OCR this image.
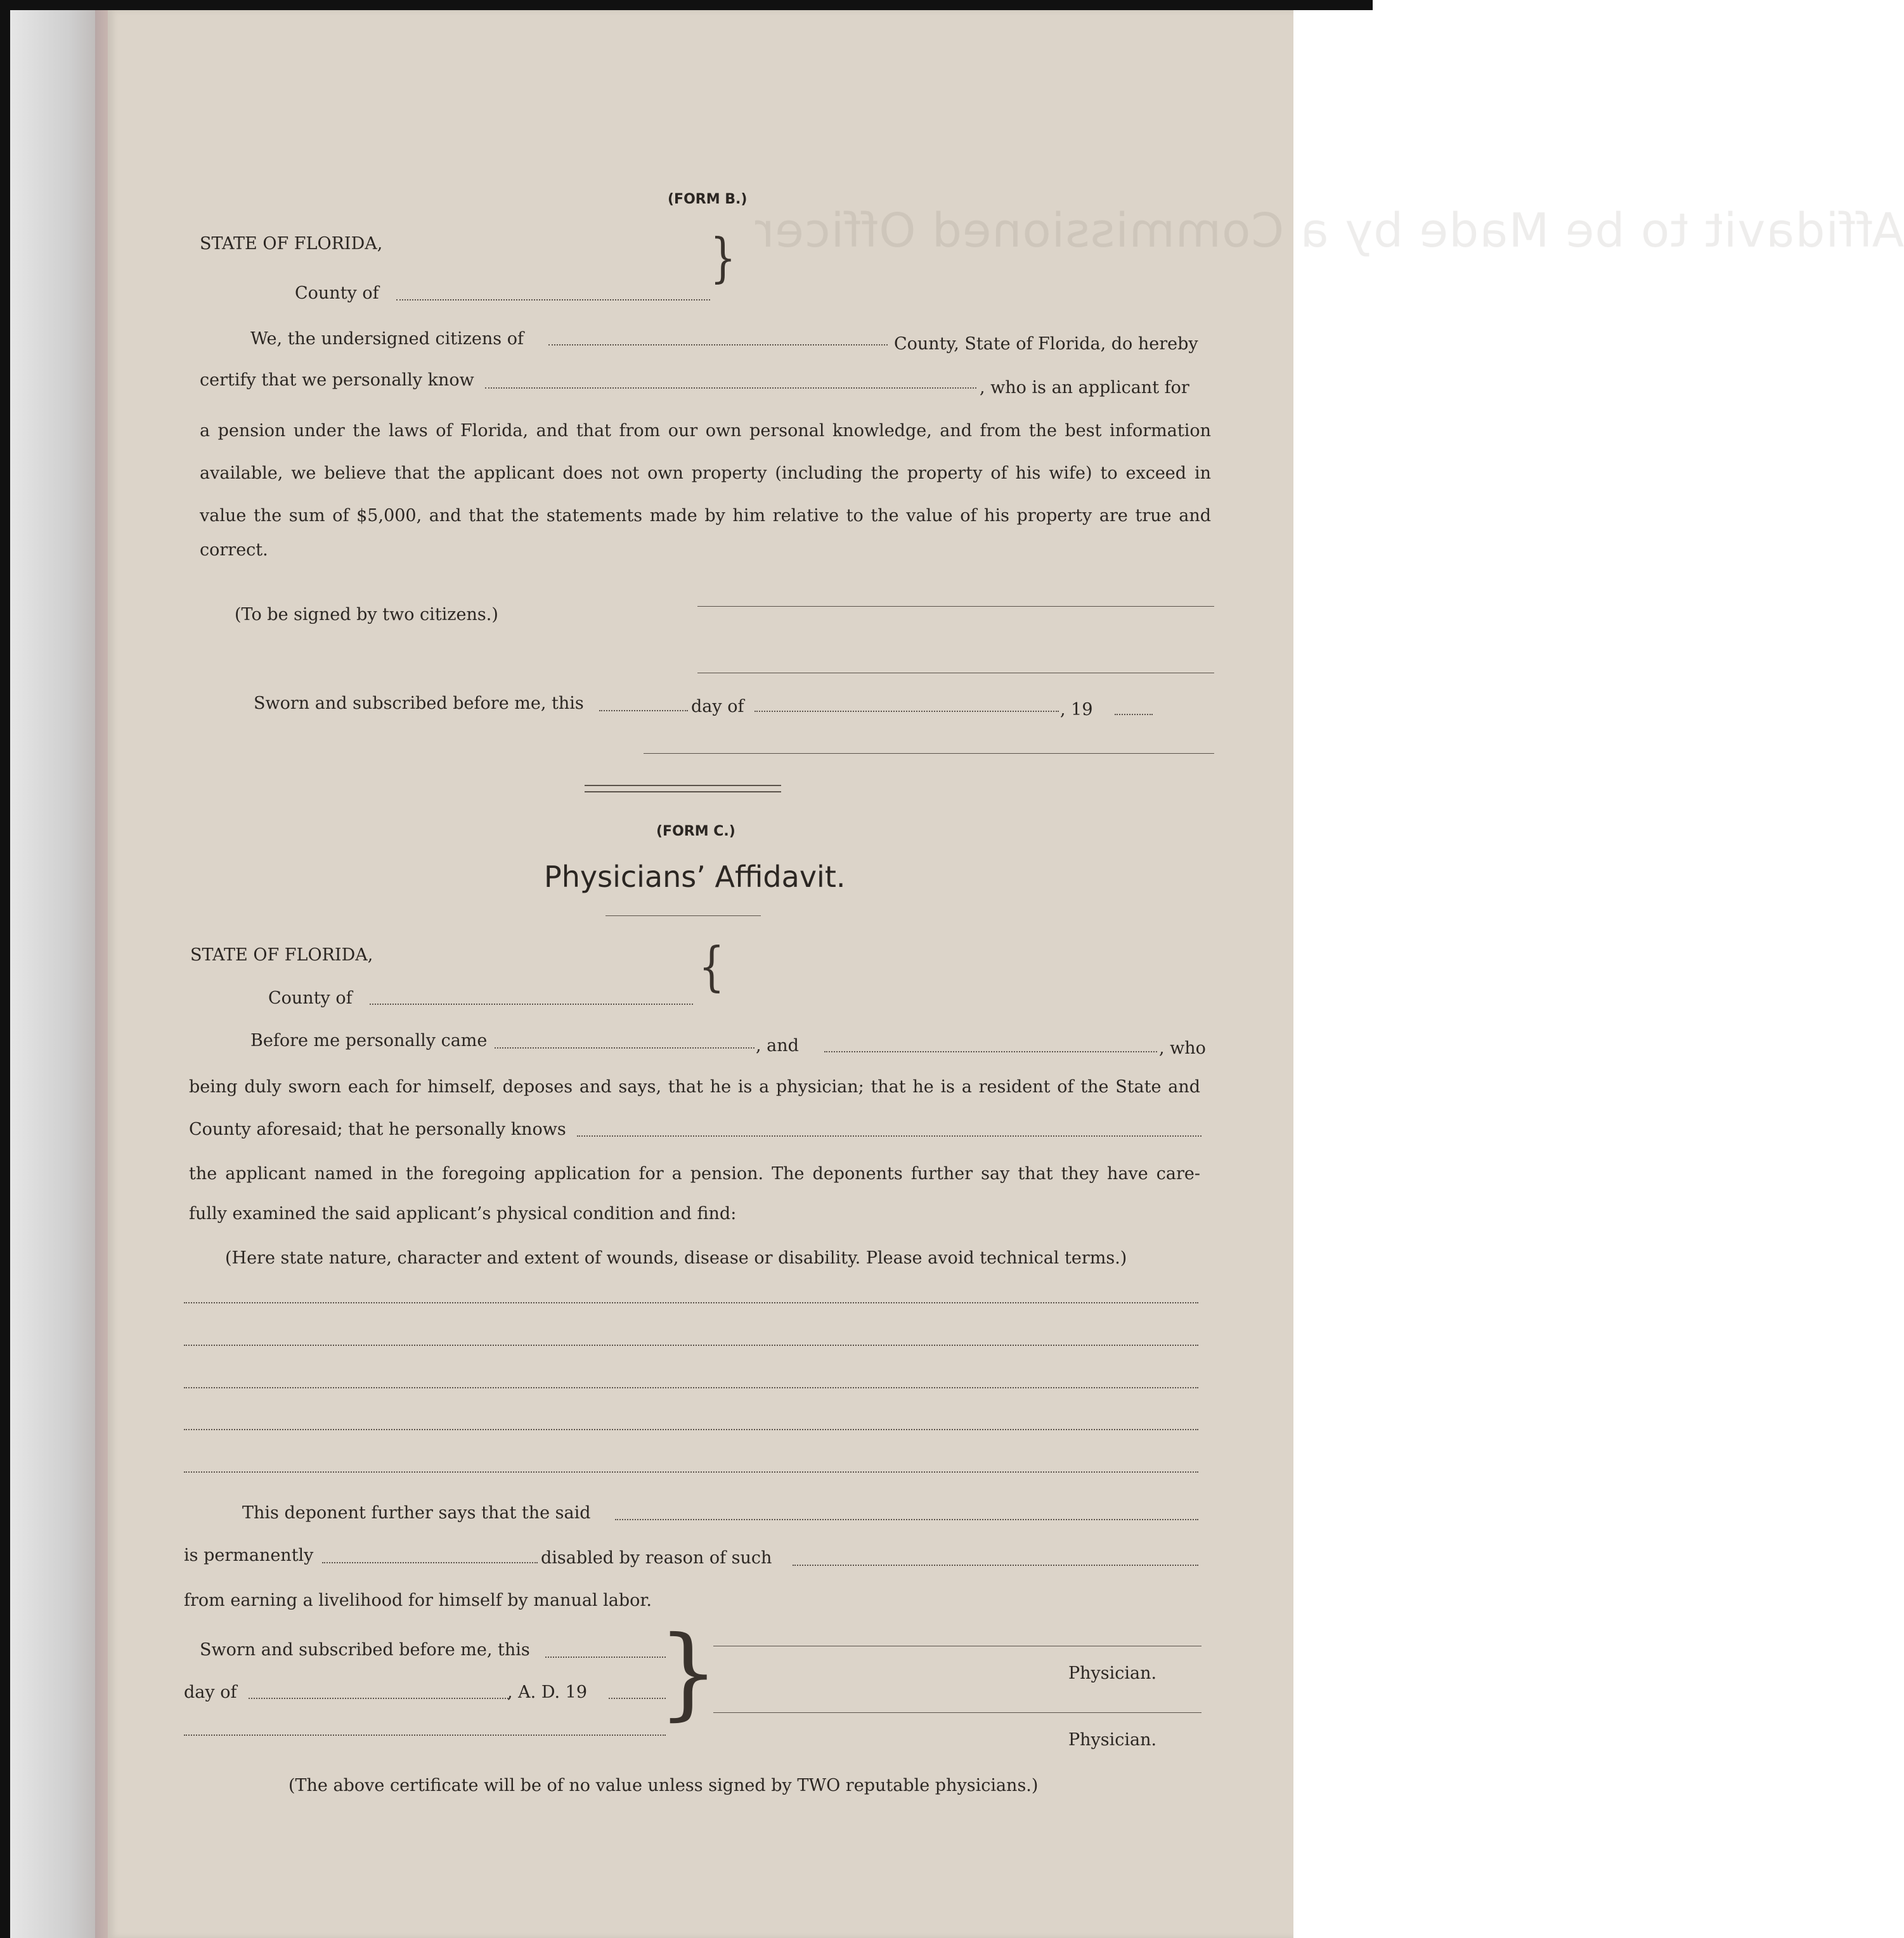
Affidavit to be Made by a Commissioned Officer
(FORM B.)
STATE OF FLORIDA,	}
County of
We, the undersigned citizens of	County, State of Florida, do hereby
certify that we personally know	, who is an applicant for
a pension under the laws of Florida, and that from our own personal knowledge, and from the best information
available, we believe that the applicant does not own property (including the property of his wife) to exceed in
value the sum of $5,000, and that the statements made by him relative to the value of his property are true and
correct.
(To be signed by two citizens.)
Sworn and subscribed before me, this	day of	, 19
(FORM C.)
Physicians’ Affidavit.
STATE OF FLORIDA,	{
County of
Before me personally came	, and	, who
being duly sworn each for himself, deposes and says, that he is a physician; that he is a resident of the State and
County aforesaid; that he personally knows
the applicant named in the foregoing application for a pension. The deponents further say that they have care-
fully examined the said applicant’s physical condition and find:
(Here state nature, character and extent of wounds, disease or disability. Please avoid technical terms.)
This deponent further says that the said
is permanently	disabled by reason of such
from earning a livelihood for himself by manual labor.
Sworn and subscribed before me, this
day of	, A. D. 19 }	Physician.
Physician.
(The above certificate will be of no value unless signed by TWO reputable physicians.)
